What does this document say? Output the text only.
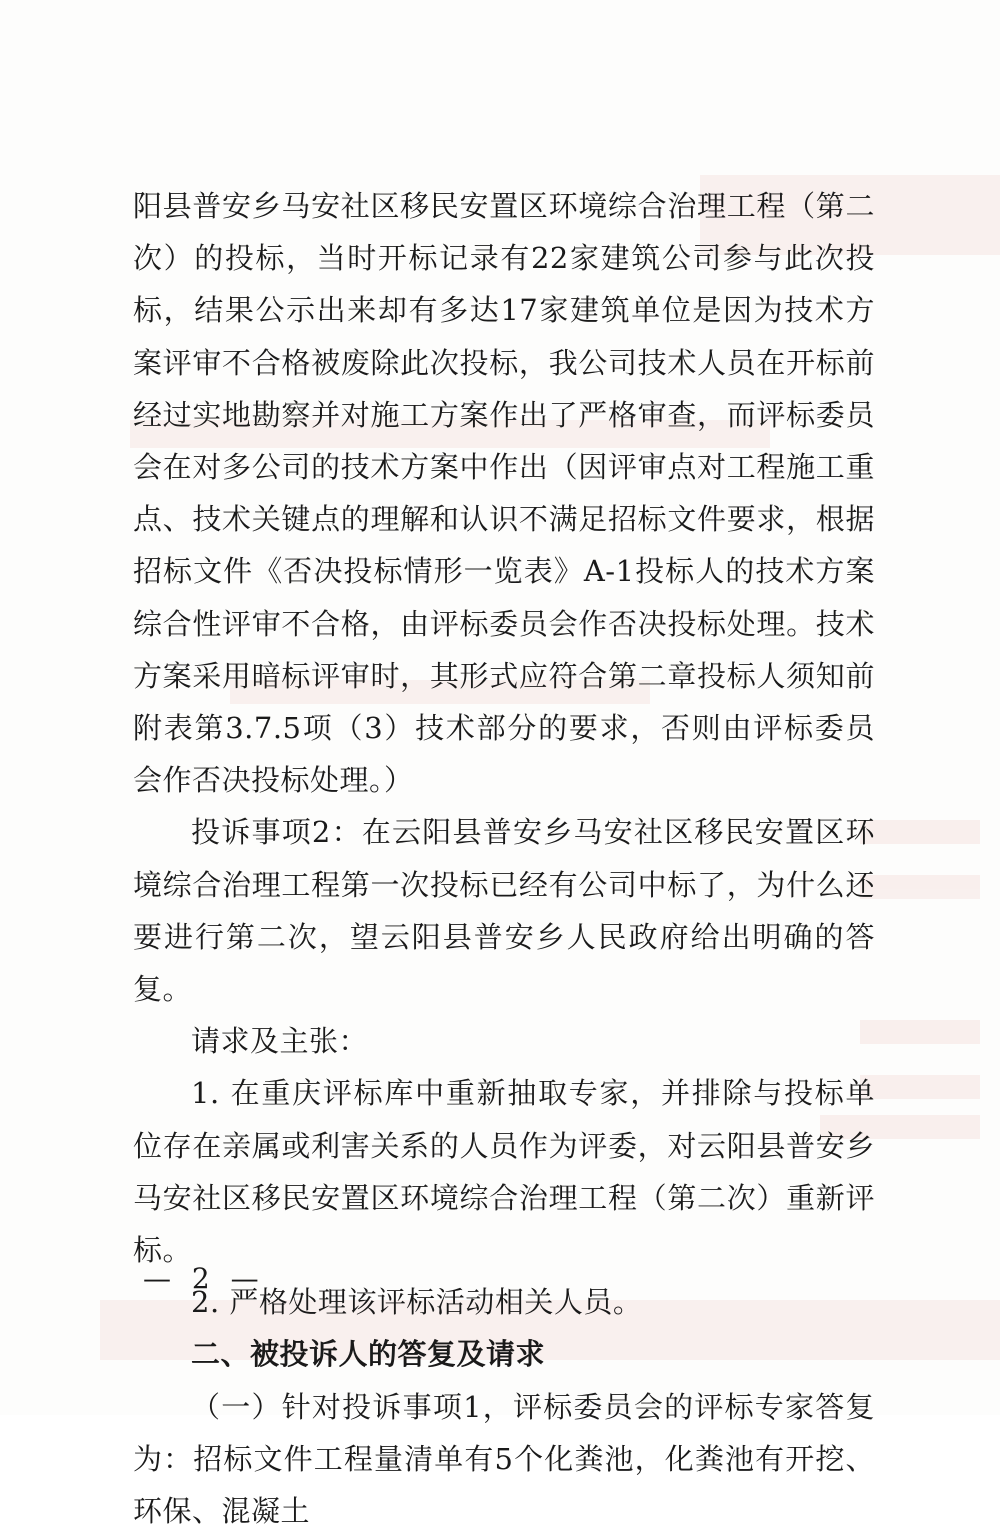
阳县普安乡马安社区移民安置区环境综合治理工程（第二次）的投标，当时开标记录有22家建筑公司参与此次投标，结果公示出来却有多达17家建筑单位是因为技术方案评审不合格被废除此次投标，我公司技术人员在开标前经过实地勘察并对施工方案作出了严格审查，而评标委员会在对多公司的技术方案中作出（因评审点对工程施工重点、技术关键点的理解和认识不满足招标文件要求，根据招标文件《否决投标情形一览表》A-1投标人的技术方案综合性评审不合格，由评标委员会作否决投标处理。技术方案采用暗标评审时，其形式应符合第二章投标人须知前附表第3.7.5项（3）技术部分的要求，否则由评标委员会作否决投标处理。）

投诉事项2：在云阳县普安乡马安社区移民安置区环境综合治理工程第一次投标已经有公司中标了，为什么还要进行第二次，望云阳县普安乡人民政府给出明确的答复。

请求及主张：

1. 在重庆评标库中重新抽取专家，并排除与投标单位存在亲属或利害关系的人员作为评委，对云阳县普安乡马安社区移民安置区环境综合治理工程（第二次）重新评标。

2. 严格处理该评标活动相关人员。

二、被投诉人的答复及请求

（一）针对投诉事项1，评标委员会的评标专家答复为：招标文件工程量清单有5个化粪池，化粪池有开挖、环保、混凝土

— 2 —
